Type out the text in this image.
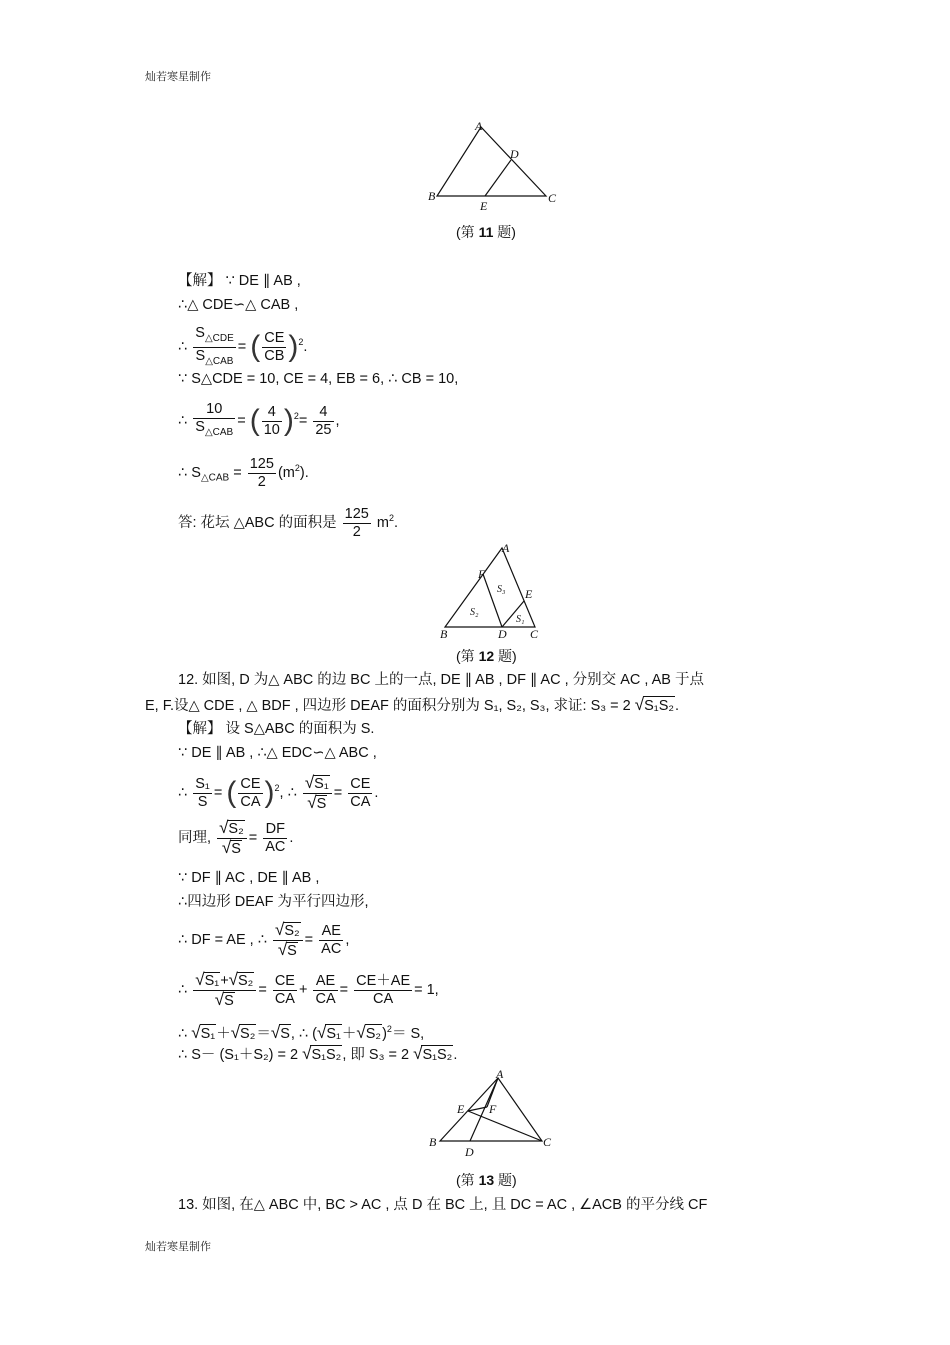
灿若寒星制作
A
B	C
D
E
(第 11 题)
【解】 ∵ DE ∥ AB ,
∴△ CDE∽△ CAB ,
∴ $\frac{S_{\triangle CDE}}{S_{\triangle CAB}}$ = ( $\frac{CE}{CB} )^2$.
∵ S△CDE = 10, CE = 4, EB = 6, ∴ CB = 10,
∴ $\frac{10}{S_{\triangle CAB}}$ = ( $\frac{4}{10} )^2= \frac{4}{25}$ ,
∴ $S_{\triangle CAB} = \frac{125}{2} (m^2)$.
答: 花坛 △ABC 的面积是 $\frac{125}{2} m^2$.
A
B	C
D
E
F
S₃
S₂
S₁
(第 12 题)
12. 如图, D 为△ ABC 的边 BC 上的一点, DE ∥ AB , DF ∥ AC , 分别交 AC , AB 于点
E, F.设△ CDE , △ BDF , 四边形 DEAF 的面积分别为 S₁, S₂, S₃, 求证: S₃ = 2 √S₁S₂.
【解】 设 S△ABC 的面积为 S.
∵ DE ∥ AB , ∴△ EDC∽△ ABC ,
∴ $\frac{\text{S₁}}{S}$ = ( $\frac{CE}{CA} )^2$, ∴ $\frac{\text{√S₁}}{√S} = \frac{CE}{CA}$ .
同理, $\frac{\text{√S₂}}{√S} = \frac{DF}{AC}$ .
∵ DF ∥ AC , DE ∥ AB ,
∴四边形 DEAF 为平行四边形,
∴ DF = AE , ∴ $\frac{\text{√S₂}}{√S} = \frac{AE}{AC}$ ,
∴ $\frac{\text{√S₁+√S₂}}{√S} = \frac{CE}{CA} + \frac{AE}{CA} = \frac{CE+AE}{CA} = 1$,
∴ √S₁＋√S₂＝√S, ∴ $(√S_1+√S_2)^2= S$,
∴ S－ (S₁＋S₂) = 2 √S₁S₂, 即 S₃ = 2 √S₁S₂.
A
B	C
D
E F
(第 13 题)
13. 如图, 在△ ABC 中, BC > AC , 点 D 在 BC 上, 且 DC = AC , ∠ACB 的平分线 CF
灿若寒星制作
